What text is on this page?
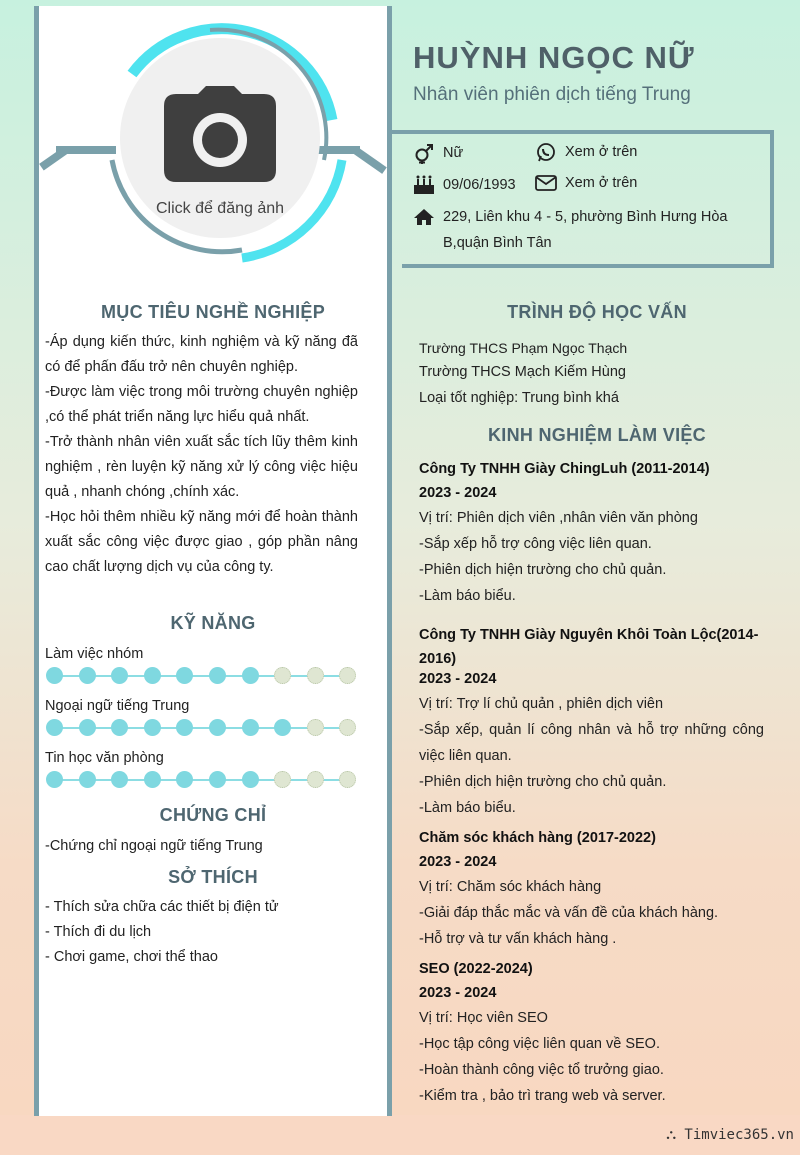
⛬ Timviec365.vn
Click để đăng ảnh
MỤC TIÊU NGHỀ NGHIỆP
-Áp dụng kiến thức, kinh nghiệm và kỹ năng đã có để phấn đấu trở nên chuyên nghiệp.
-Được làm việc trong môi trường chuyên nghiệp ,có thể phát triển năng lực hiểu quả nhất.
-Trở thành nhân viên xuất sắc tích lũy thêm kinh nghiệm , rèn luyện kỹ năng xử lý công việc hiệu quả , nhanh chóng ,chính xác.
-Học hỏi thêm nhiều kỹ năng mới để hoàn thành xuất sắc công việc được giao , góp phần nâng cao chất lượng dịch vụ của công ty.
KỸ NĂNG
Làm việc nhóm
Ngoại ngữ tiếng Trung
Tin học văn phòng
CHỨNG CHỈ
-Chứng chỉ ngoại ngữ tiếng Trung
SỞ THÍCH
- Thích sửa chữa các thiết bị điện tử
- Thích đi du lịch
- Chơi game, chơi thể thao
HUỲNH NGỌC NỮ
Nhân viên phiên dịch tiếng Trung
Nữ	Xem ở trên
09/06/1993	Xem ở trên
229, Liên khu 4 - 5, phường Bình Hưng Hòa
B,quận Bình Tân
TRÌNH ĐỘ HỌC VẤN
Trường THCS Phạm Ngọc Thạch
Trường THCS Mạch Kiếm Hùng
Loại tốt nghiệp: Trung bình khá
KINH NGHIỆM LÀM VIỆC
Công Ty TNHH Giày ChingLuh (2011-2014)
2023 - 2024
Vị trí: Phiên dịch viên ,nhân viên văn phòng
-Sắp xếp hỗ trợ công việc liên quan.
-Phiên dịch hiện trường cho chủ quản.
-Làm báo biểu.
Công Ty TNHH Giày Nguyên Khôi Toàn Lộc(2014-2016)
2023 - 2024
Vị trí: Trợ lí chủ quản , phiên dịch viên
-Sắp xếp, quản lí công nhân và hỗ trợ những công việc liên quan.
-Phiên dịch hiện trường cho chủ quản.
-Làm báo biểu.
Chăm sóc khách hàng (2017-2022)
2023 - 2024
Vị trí: Chăm sóc khách hàng
-Giải đáp thắc mắc và vấn đề của khách hàng.
-Hỗ trợ và tư vấn khách hàng .
SEO (2022-2024)
2023 - 2024
Vị trí: Học viên SEO
-Học tập công việc liên quan về SEO.
-Hoàn thành công việc tổ trưởng giao.
-Kiểm tra , bảo trì trang web và server.
